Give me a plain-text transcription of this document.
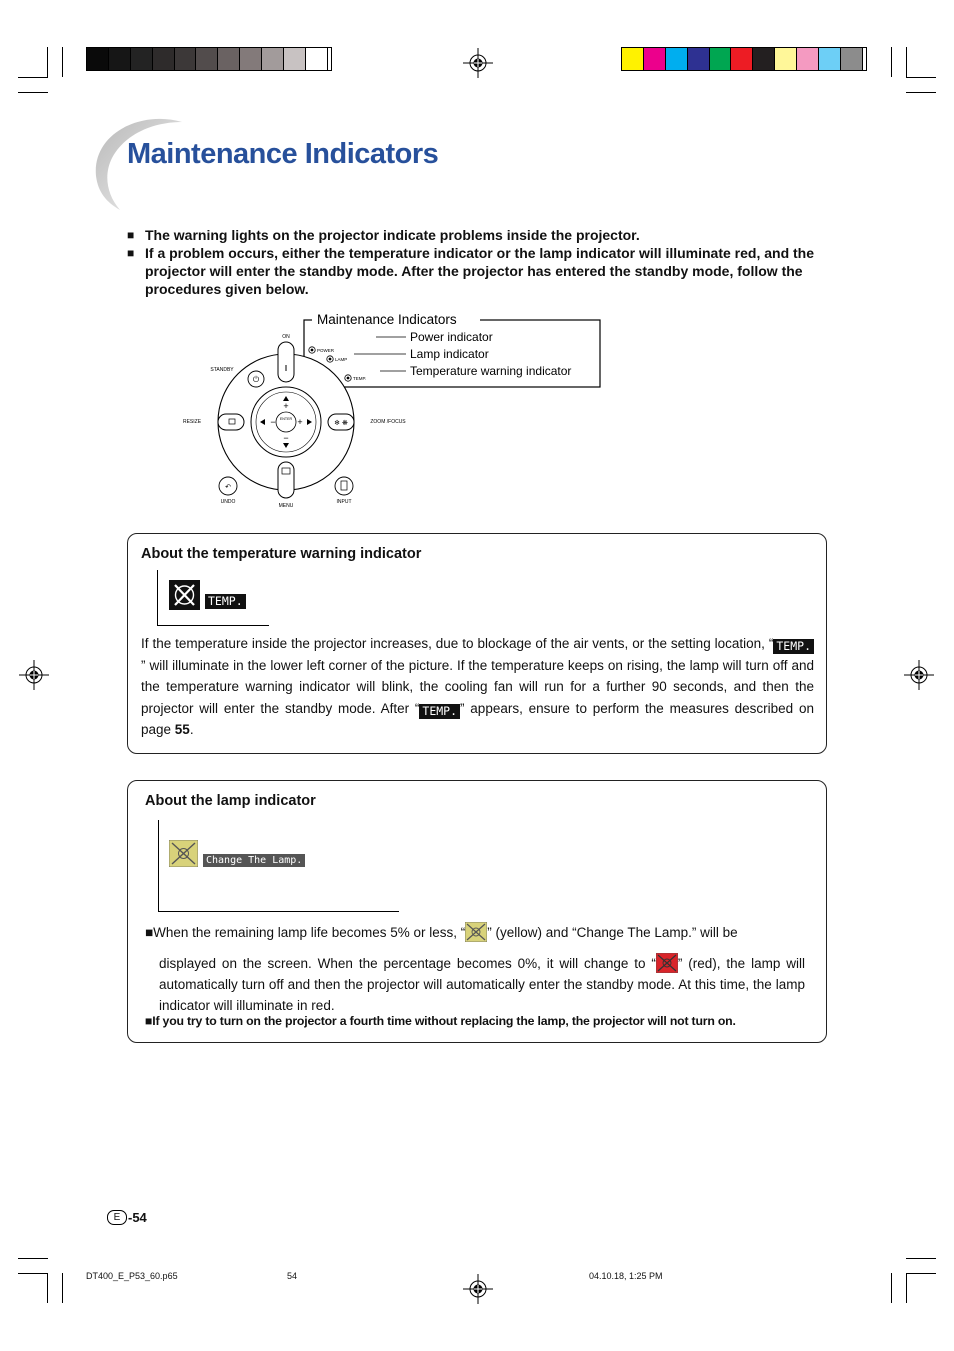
Maintenance Indicators
■ The warning lights on the projector indicate problems inside the projector.
■ If a problem occurs, either the temperature indicator or the lamp indicator will illuminate red, and the projector will enter the standby mode. After the projector has entered the standby mode, follow the procedures given below.
Maintenance Indicators
Power indicator
Lamp indicator
Temperature warning indicator
POWER
LAMP
TEMP.
ENTER
+
−
− +
ON
⏻
STANDBY
RESIZE	❄ ❋	ZOOM /FOCUS
MENU
↶
UNDO	INPUT
About the temperature warning indicator
TEMP.
If the temperature inside the projector increases, due to blockage of the air vents, or the setting location, “ TEMP.” will illuminate in the lower left corner of the picture. If the temperature keeps on rising, the lamp will turn off and the temperature warning indicator will blink, the cooling fan will run for a further 90 seconds, and then the projector will enter the standby mode. After “ TEMP. ” appears, ensure to perform the measures described on page 55.
About the lamp indicator
Change The Lamp.
■When the remaining lamp life becomes 5% or less, “ ” (yellow) and “Change The Lamp.” will be
displayed on the screen. When the percentage becomes 0%, it will change to “ ” (red), the lamp will automatically turn off and then the projector will automatically enter the standby mode. At this time, the lamp indicator will illuminate in red.
■If you try to turn on the projector a fourth time without replacing the lamp, the projector will not turn on.
E -54
DT400_E_P53_60.p65	54	04.10.18, 1:25 PM
